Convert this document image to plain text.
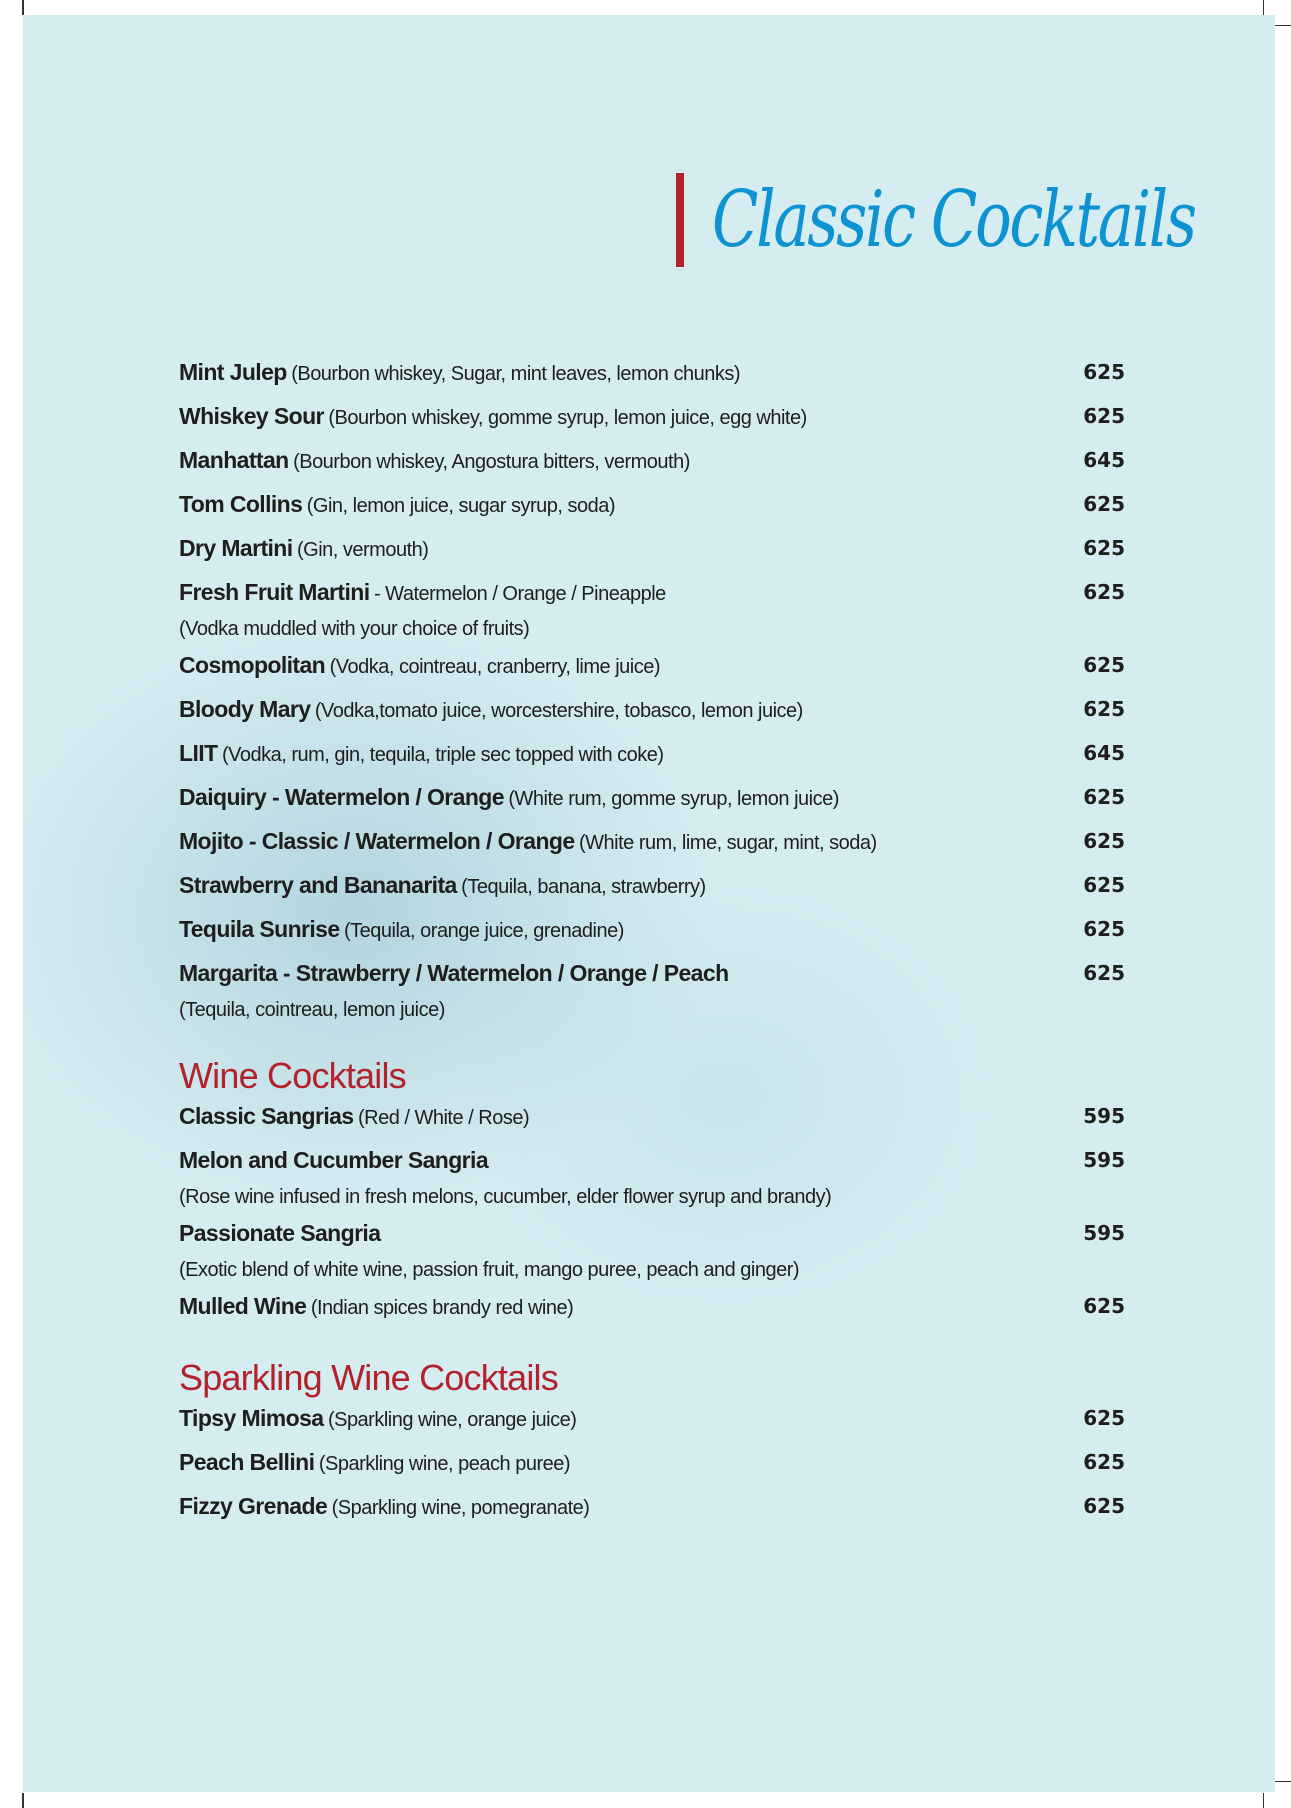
Classic Cocktails
Mint Julep (Bourbon whiskey, Sugar, mint leaves, lemon chunks)	625
Whiskey Sour (Bourbon whiskey, gomme syrup, lemon juice, egg white)	625
Manhattan (Bourbon whiskey, Angostura bitters, vermouth)	645
Tom Collins (Gin, lemon juice, sugar syrup, soda)	625
Dry Martini (Gin, vermouth)	625
Fresh Fruit Martini - Watermelon / Orange / Pineapple
(Vodka muddled with your choice of fruits)
625
Cosmopolitan (Vodka, cointreau, cranberry, lime juice)	625
Bloody Mary (Vodka,tomato juice, worcestershire, tobasco, lemon juice)	625
LIIT (Vodka, rum, gin, tequila, triple sec topped with coke)	645
Daiquiry - Watermelon / Orange (White rum, gomme syrup, lemon juice)	625
Mojito - Classic / Watermelon / Orange (White rum, lime, sugar, mint, soda)	625
Strawberry and Bananarita (Tequila, banana, strawberry)	625
Tequila Sunrise (Tequila, orange juice, grenadine)	625
Margarita - Strawberry / Watermelon / Orange / Peach
(Tequila, cointreau, lemon juice)
625
Wine Cocktails
Classic Sangrias (Red / White / Rose)	595
Melon and Cucumber Sangria
(Rose wine infused in fresh melons, cucumber, elder flower syrup and brandy)
595
Passionate Sangria
(Exotic blend of white wine, passion fruit, mango puree, peach and ginger)
595
Mulled Wine (Indian spices brandy red wine)	625
Sparkling Wine Cocktails
Tipsy Mimosa (Sparkling wine, orange juice)	625
Peach Bellini (Sparkling wine, peach puree)	625
Fizzy Grenade (Sparkling wine, pomegranate)	625
